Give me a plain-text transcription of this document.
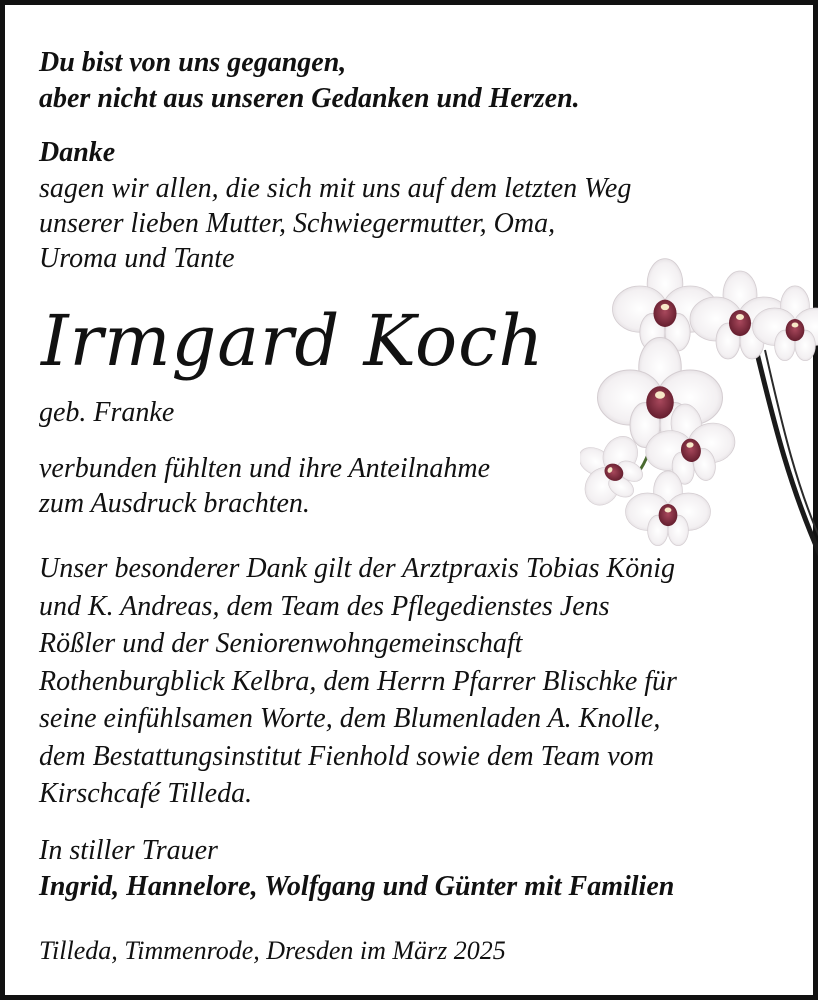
Du bist von uns gegangen,
aber nicht aus unseren Gedanken und Herzen.
Danke
sagen wir allen, die sich mit uns auf dem letzten Weg
unserer lieben Mutter, Schwiegermutter, Oma,
Uroma und Tante
Irmgard Koch
geb. Franke
verbunden fühlten und ihre Anteilnahme
zum Ausdruck brachten.
Unser besonderer Dank gilt der Arztpraxis Tobias König
und K. Andreas, dem Team des Pflegedienstes Jens
Rößler und der Seniorenwohngemeinschaft
Rothenburgblick Kelbra, dem Herrn Pfarrer Blischke für
seine einfühlsamen Worte, dem Blumenladen A. Knolle,
dem Bestattungsinstitut Fienhold sowie dem Team vom
Kirschcafé Tilleda.
In stiller Trauer
Ingrid, Hannelore, Wolfgang und Günter mit Familien
Tilleda, Timmenrode, Dresden im März 2025
